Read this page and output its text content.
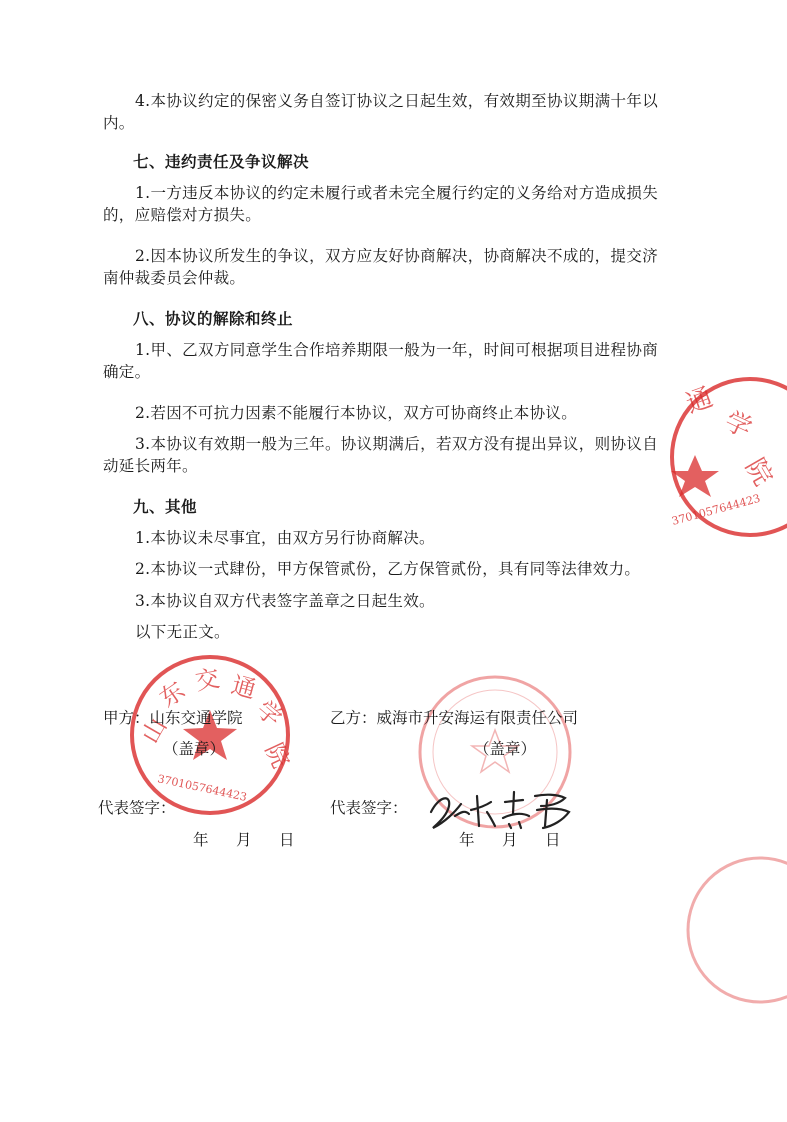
4.本协议约定的保密义务自签订协议之日起生效，有效期至协议期满十年以内。
七、违约责任及争议解决
1.一方违反本协议的约定未履行或者未完全履行约定的义务给对方造成损失的，应赔偿对方损失。
2.因本协议所发生的争议，双方应友好协商解决，协商解决不成的，提交济南仲裁委员会仲裁。
八、协议的解除和终止
1.甲、乙双方同意学生合作培养期限一般为一年，时间可根据项目进程协商确定。
2.若因不可抗力因素不能履行本协议，双方可协商终止本协议。
3.本协议有效期一般为三年。协议期满后，若双方没有提出异议，则协议自动延长两年。
九、其他
1.本协议未尽事宜，由双方另行协商解决。
2.本协议一式肆份，甲方保管贰份，乙方保管贰份，具有同等法律效力。
3.本协议自双方代表签字盖章之日起生效。
以下无正文。
山
东 交 通
学
院
3701057644423
通
学
院
3701057644423
甲方：山东交通学院
（盖章）
乙方：威海市升安海运有限责任公司
（盖章）
代表签字：	代表签字：
年　月　日	年　月　日
